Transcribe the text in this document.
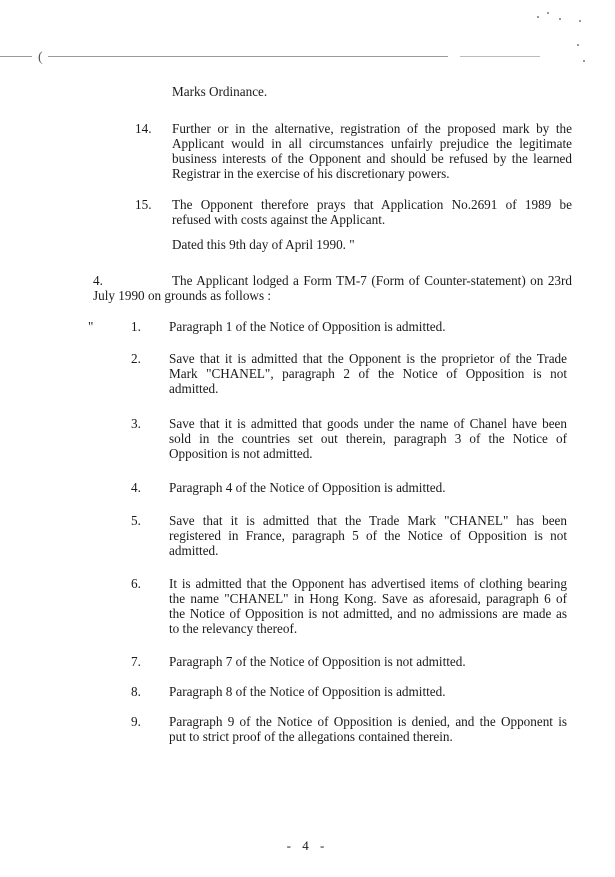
(
Marks Ordinance.
14.	Further or in the alternative, registration of the proposed mark by the
Applicant would in all circumstances unfairly prejudice the legitimate
business interests of the Opponent and should be refused by the learned
Registrar in the exercise of his discretionary powers.
15.	The Opponent therefore prays that Application No.2691 of 1989 be
refused with costs against the Applicant.
Dated this 9th day of April 1990. "
4.	The Applicant lodged a Form TM-7 (Form of Counter-statement) on 23rd
July 1990 on grounds as follows :
"	1.	Paragraph 1 of the Notice of Opposition is admitted.
2.	Save that it is admitted that the Opponent is the proprietor of the Trade
Mark "CHANEL", paragraph 2 of the Notice of Opposition is not
admitted.
3.	Save that it is admitted that goods under the name of Chanel have been
sold in the countries set out therein, paragraph 3 of the Notice of
Opposition is not admitted.
4.	Paragraph 4 of the Notice of Opposition is admitted.
5.	Save that it is admitted that the Trade Mark "CHANEL" has been
registered in France, paragraph 5 of the Notice of Opposition is not
admitted.
6.	It is admitted that the Opponent has advertised items of clothing bearing
the name "CHANEL" in Hong Kong. Save as aforesaid, paragraph 6 of
the Notice of Opposition is not admitted, and no admissions are made as
to the relevancy thereof.
7.	Paragraph 7 of the Notice of Opposition is not admitted.
8.	Paragraph 8 of the Notice of Opposition is admitted.
9.	Paragraph 9 of the Notice of Opposition is denied, and the Opponent is
put to strict proof of the allegations contained therein.
- 4 -
